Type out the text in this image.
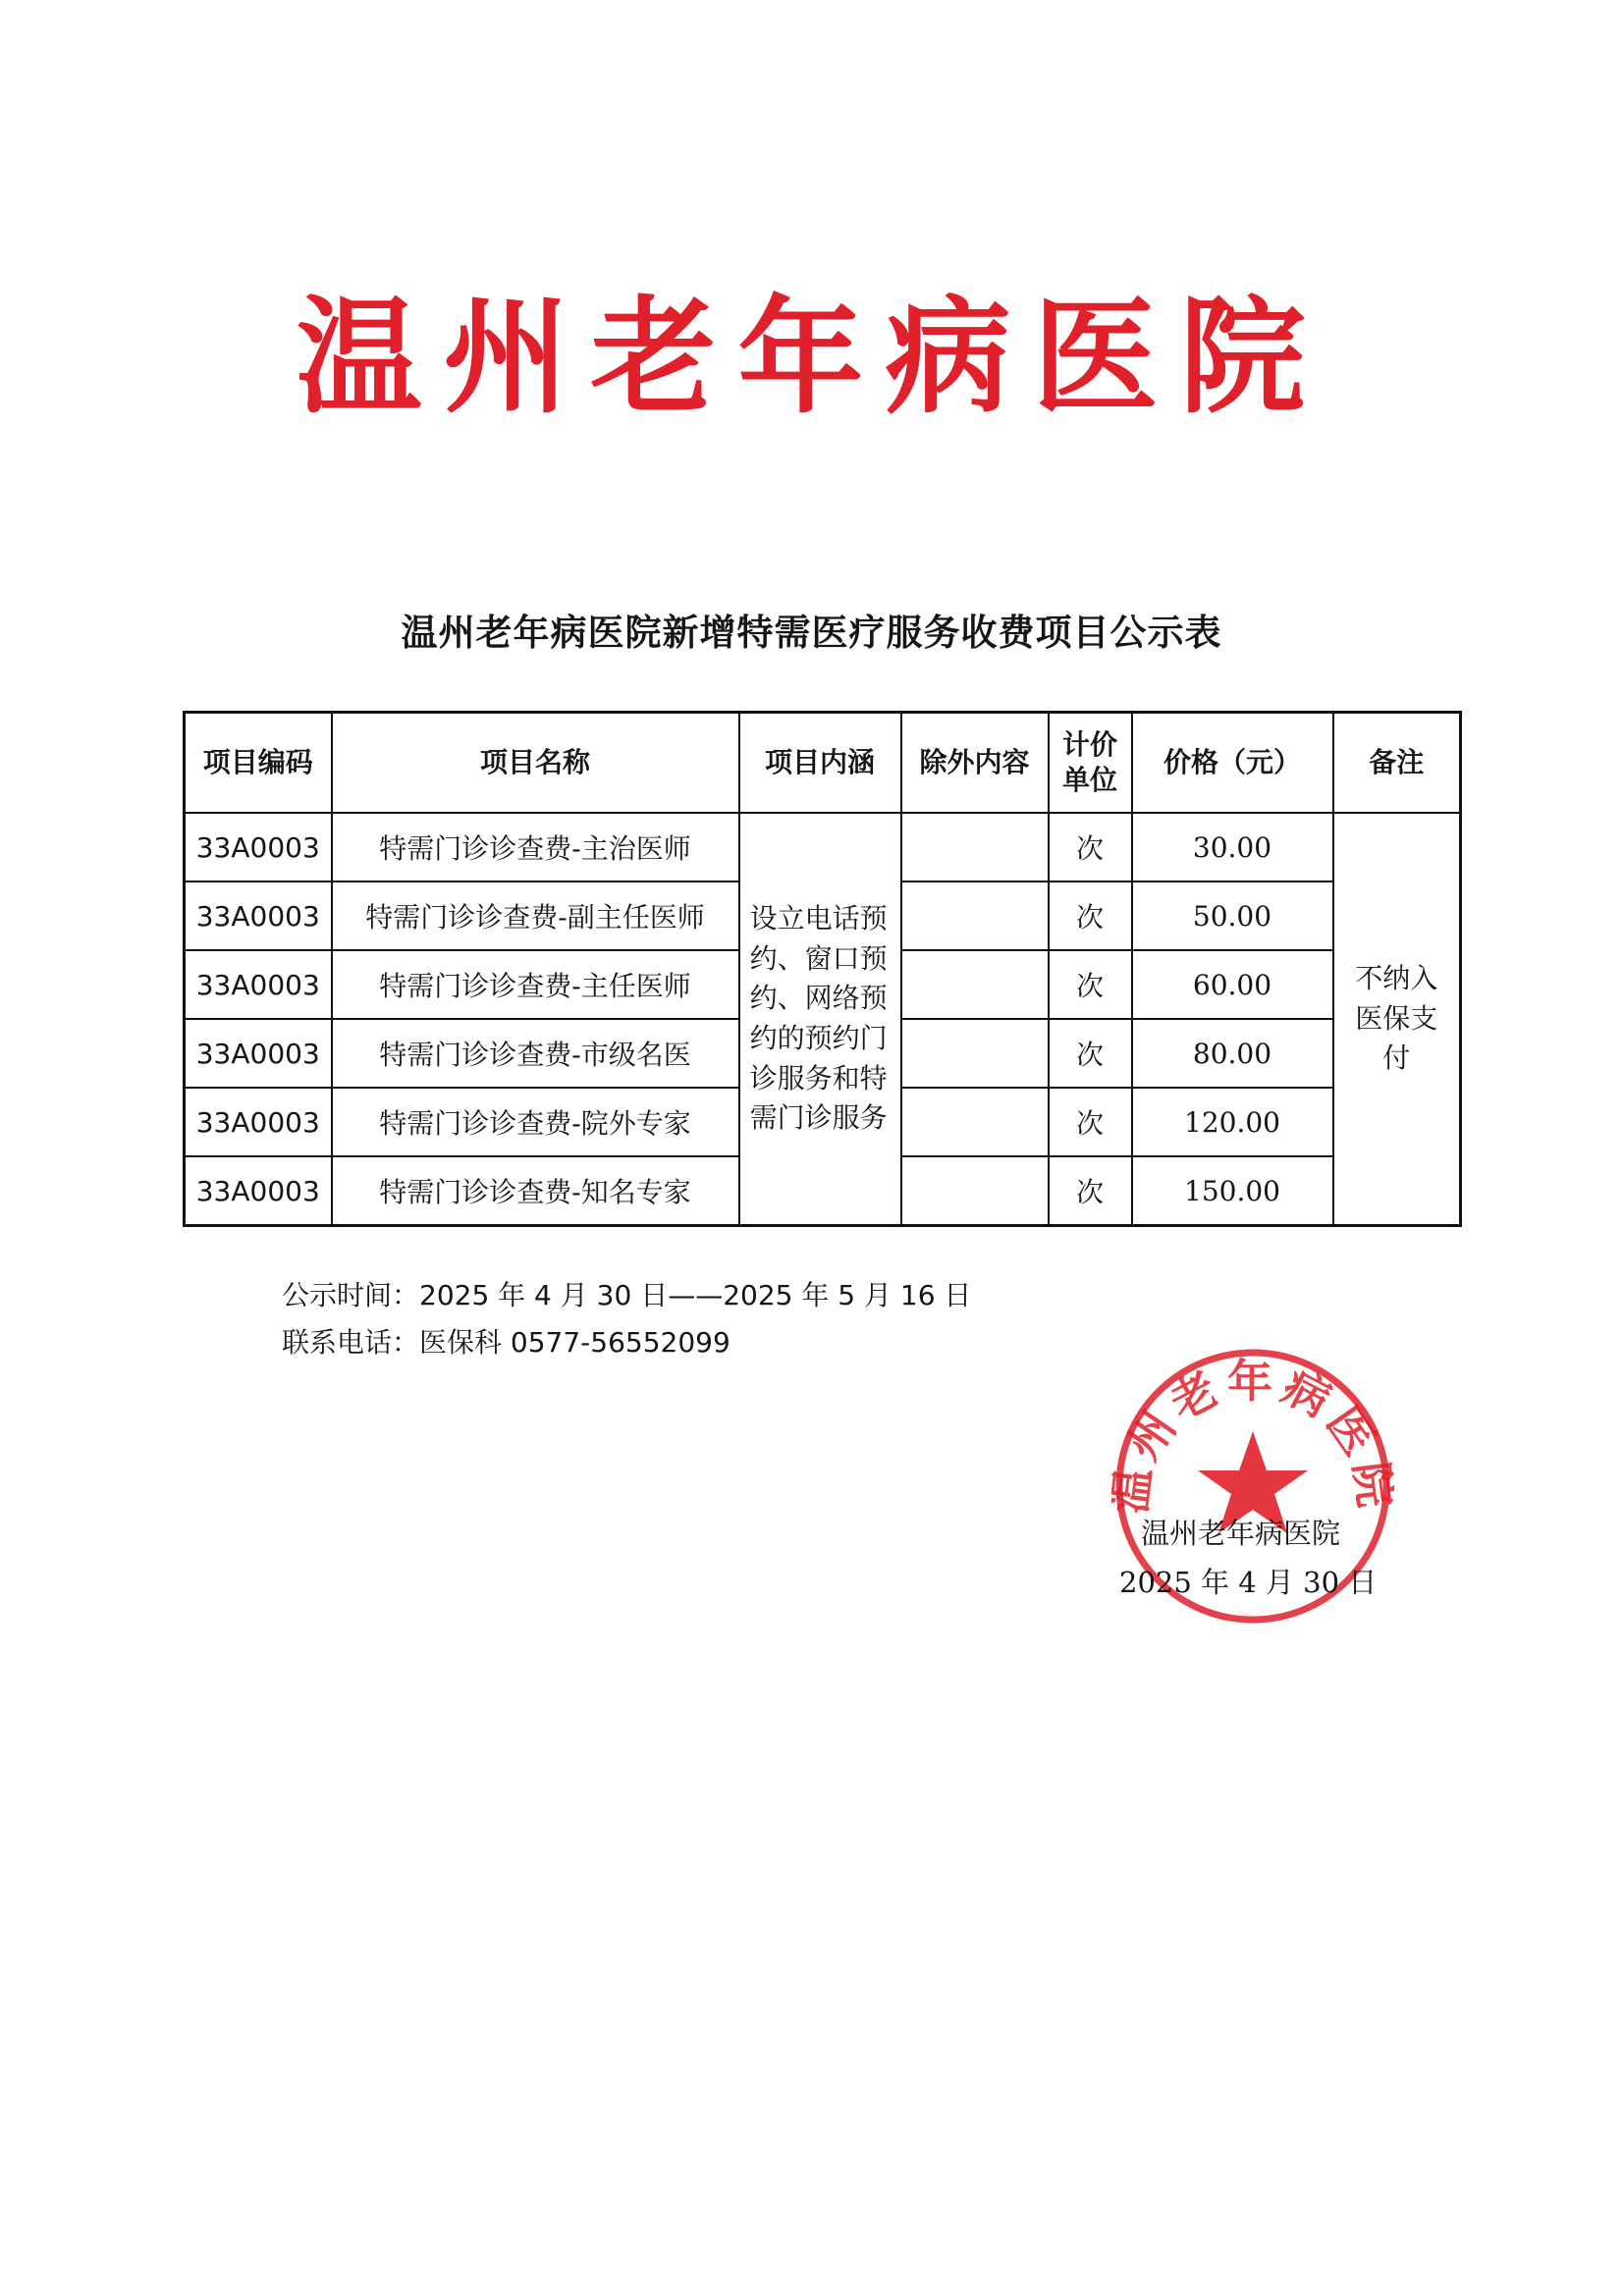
温州老年病医院
温州老年病医院新增特需医疗服务收费项目公示表
项目编码	项目名称	项目内涵	除外内容	计价单位	价格（元）	备注
33A0003	特需门诊诊查费-主治医师	设立电话预约、窗口预约、网络预约的预约门诊服务和特需门诊服务		次	30.00	不纳入医保支付
33A0003	特需门诊诊查费-副主任医师			次	50.00	
33A0003	特需门诊诊查费-主任医师			次	60.00	
33A0003	特需门诊诊查费-市级名医			次	80.00	
33A0003	特需门诊诊查费-院外专家			次	120.00	
33A0003	特需门诊诊查费-知名专家			次	150.00	
公示时间：2025 年 4 月 30 日——2025 年 5 月 16 日
联系电话：医保科 0577-56552099
州老年病医
温州老年病医院
2025 年 4 月 30 日
